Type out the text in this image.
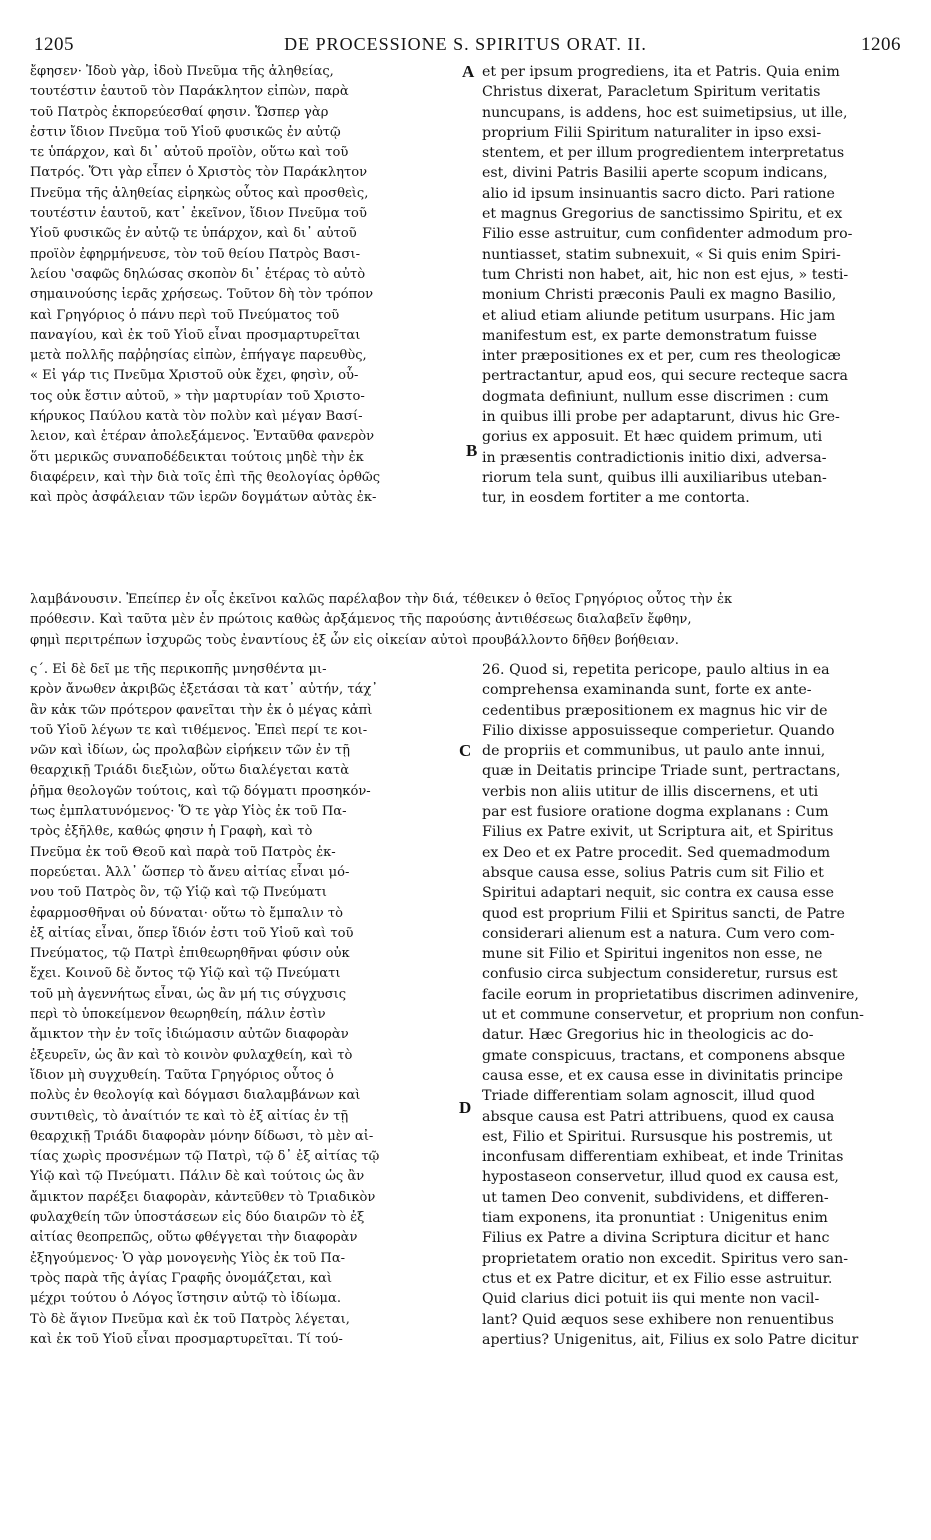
1205	DE PROCESSIONE S. SPIRITUS ORAT. II.	1206
A
B
C
D
ἔφησεν· Ἰδοὺ γὰρ, ἰδοὺ Πνεῦμα τῆς ἀληθείας,
τουτέστιν ἑαυτοῦ τὸν Παράκλητον εἰπὼν, παρὰ
τοῦ Πατρὸς ἐκπορεύεσθαί φησιν. Ὥσπερ γὰρ
ἐστιν ἴδιον Πνεῦμα τοῦ Υἱοῦ φυσικῶς ἐν αὐτῷ
τε ὑπάρχον, καὶ δι᾿ αὐτοῦ προϊὸν, οὕτω καὶ τοῦ
Πατρός. Ὅτι γὰρ εἶπεν ὁ Χριστὸς τὸν Παράκλητον
Πνεῦμα τῆς ἀληθείας εἰρηκὼς οὗτος καὶ προσθεὶς,
τουτέστιν ἑαυτοῦ, κατ᾿ ἐκεῖνον, ἴδιον Πνεῦμα τοῦ
Υἱοῦ φυσικῶς ἐν αὐτῷ τε ὑπάρχον, καὶ δι᾿ αὐτοῦ
προϊὸν ἐφηρμήνευσε, τὸν τοῦ θείου Πατρὸς Βασι-
λείου ʽσαφῶς δηλώσας σκοπὸν δι᾿ ἑτέρας τὸ αὐτὸ
σημαινούσης ἱερᾶς χρήσεως. Τοῦτον δὴ τὸν τρόπον
καὶ Γρηγόριος ὁ πάνυ περὶ τοῦ Πνεύματος τοῦ
παναγίου, καὶ ἐκ τοῦ Υἱοῦ εἶναι προσμαρτυρεῖται
μετὰ πολλῆς παῤῥησίας εἰπὼν, ἐπήγαγε παρευθὺς,
« Εἰ γάρ τις Πνεῦμα Χριστοῦ οὐκ ἔχει, φησὶν, οὗ-
τος οὐκ ἔστιν αὐτοῦ, » τὴν μαρτυρίαν τοῦ Χριστο-
κήρυκος Παύλου κατὰ τὸν πολὺν καὶ μέγαν Βασί-
λειον, καὶ ἑτέραν ἀπολεξάμενος. Ἐνταῦθα φανερὸν
ὅτι μερικῶς συναποδέδεικται τούτοις μηδὲ τὴν ἐκ
διαφέρειν, καὶ τὴν διὰ τοῖς ἐπὶ τῆς θεολογίας ὀρθῶς
καὶ πρὸς ἀσφάλειαν τῶν ἱερῶν δογμάτων αὐτὰς ἐκ-
et per ipsum progrediens, ita et Patris. Quia enim
Christus dixerat, Paracletum Spiritum veritatis
nuncupans, is addens, hoc est suimetipsius, ut ille,
proprium Filii Spiritum naturaliter in ipso exsi-
stentem, et per illum progredientem interpretatus
est, divini Patris Basilii aperte scopum indicans,
alio id ipsum insinuantis sacro dicto. Pari ratione
et magnus Gregorius de sanctissimo Spiritu, et ex
Filio esse astruitur, cum confidenter admodum pro-
nuntiasset, statim subnexuit, « Si quis enim Spiri-
tum Christi non habet, ait, hic non est ejus, » testi-
monium Christi præconis Pauli ex magno Basilio,
et aliud etiam aliunde petitum usurpans. Hic jam
manifestum est, ex parte demonstratum fuisse
inter præpositiones ex et per, cum res theologicæ
pertractantur, apud eos, qui secure recteque sacra
dogmata definiunt, nullum esse discrimen : cum
in quibus illi probe per adaptarunt, divus hic Gre-
gorius ex apposuit. Et hæc quidem primum, uti
in præsentis contradictionis initio dixi, adversa-
riorum tela sunt, quibus illi auxiliaribus uteban-
tur, in eosdem fortiter a me contorta.
λαμβάνουσιν. Ἐπείπερ ἐν οἷς ἐκεῖνοι καλῶς παρέλαβον τὴν διά, τέθεικεν ὁ θεῖος Γρηγόριος οὗτος τὴν ἐκ
πρόθεσιν. Καὶ ταῦτα μὲν ἐν πρώτοις καθὼς ἀρξάμενος τῆς παρούσης ἀντιθέσεως διαλαβεῖν ἔφθην,
φημὶ περιτρέπων ἰσχυρῶς τοὺς ἐναντίους ἐξ ὧν εἰς οἰκείαν αὐτοὶ προυβάλλοντο δῆθεν βοήθειαν.
ς΄. Εἰ δὲ δεῖ με τῆς περικοπῆς μνησθέντα μι-
κρὸν ἄνωθεν ἀκριβῶς ἐξετάσαι τὰ κατ᾿ αὐτήν, τάχ᾿
ἂν κἀκ τῶν πρότερον φανεῖται τὴν ἐκ ὁ μέγας κἀπὶ
τοῦ Υἱοῦ λέγων τε καὶ τιθέμενος. Ἐπεὶ περί τε κοι-
νῶν καὶ ἰδίων, ὡς προλαβὼν εἰρήκειν τῶν ἐν τῇ
θεαρχικῇ Τριάδι διεξιὼν, οὕτω διαλέγεται κατὰ
ῥῆμα θεολογῶν τούτοις, καὶ τῷ δόγματι προσηκόν-
τως ἐμπλατυνόμενος· Ὅ τε γὰρ Υἱὸς ἐκ τοῦ Πα-
τρὸς ἐξῆλθε, καθώς φησιν ἡ Γραφὴ, καὶ τὸ
Πνεῦμα ἐκ τοῦ Θεοῦ καὶ παρὰ τοῦ Πατρὸς ἐκ-
πορεύεται. Ἀλλ᾿ ὥσπερ τὸ ἄνευ αἰτίας εἶναι μό-
νου τοῦ Πατρὸς ὂν, τῷ Υἱῷ καὶ τῷ Πνεύματι
ἐφαρμοσθῆναι οὐ δύναται· οὕτω τὸ ἔμπαλιν τὸ
ἐξ αἰτίας εἶναι, ὅπερ ἴδιόν ἐστι τοῦ Υἱοῦ καὶ τοῦ
Πνεύματος, τῷ Πατρὶ ἐπιθεωρηθῆναι φύσιν οὐκ
ἔχει. Κοινοῦ δὲ ὄντος τῷ Υἱῷ καὶ τῷ Πνεύματι
τοῦ μὴ ἀγεννήτως εἶναι, ὡς ἂν μή τις σύγχυσις
περὶ τὸ ὑποκείμενον θεωρηθείη, πάλιν ἐστὶν
ἄμικτον τὴν ἐν τοῖς ἰδιώμασιν αὐτῶν διαφορὰν
ἐξευρεῖν, ὡς ἂν καὶ τὸ κοινὸν φυλαχθείη, καὶ τὸ
ἴδιον μὴ συγχυθείη. Ταῦτα Γρηγόριος οὗτος ὁ
πολὺς ἐν θεολογίᾳ καὶ δόγμασι διαλαμβάνων καὶ
συντιθεὶς, τὸ ἀναίτιόν τε καὶ τὸ ἐξ αἰτίας ἐν τῇ
θεαρχικῇ Τριάδι διαφορὰν μόνην δίδωσι, τὸ μὲν αἰ-
τίας χωρὶς προσνέμων τῷ Πατρὶ, τῷ δ᾿ ἐξ αἰτίας τῷ
Υἱῷ καὶ τῷ Πνεύματι. Πάλιν δὲ καὶ τούτοις ὡς ἂν
ἄμικτον παρέξει διαφορὰν, κἀντεῦθεν τὸ Τριαδικὸν
φυλαχθείη τῶν ὑποστάσεων εἰς δύο διαιρῶν τὸ ἐξ
αἰτίας θεοπρεπῶς, οὕτω φθέγγεται τὴν διαφορὰν
ἐξηγούμενος· Ὁ γὰρ μονογενὴς Υἱὸς ἐκ τοῦ Πα-
τρὸς παρὰ τῆς ἁγίας Γραφῆς ὀνομάζεται, καὶ
μέχρι τούτου ὁ Λόγος ἵστησιν αὐτῷ τὸ ἰδίωμα.
Τὸ δὲ ἅγιον Πνεῦμα καὶ ἐκ τοῦ Πατρὸς λέγεται,
καὶ ἐκ τοῦ Υἱοῦ εἶναι προσμαρτυρεῖται. Τί τού-
26. Quod si, repetita pericope, paulo altius in ea
comprehensa examinanda sunt, forte ex ante-
cedentibus præpositionem ex magnus hic vir de
Filio dixisse apposuisseque comperietur. Quando
de propriis et communibus, ut paulo ante innui,
quæ in Deitatis principe Triade sunt, pertractans,
verbis non aliis utitur de illis discernens, et uti
par est fusiore oratione dogma explanans : Cum
Filius ex Patre exivit, ut Scriptura ait, et Spiritus
ex Deo et ex Patre procedit. Sed quemadmodum
absque causa esse, solius Patris cum sit Filio et
Spiritui adaptari nequit, sic contra ex causa esse
quod est proprium Filii et Spiritus sancti, de Patre
considerari alienum est a natura. Cum vero com-
mune sit Filio et Spiritui ingenitos non esse, ne
confusio circa subjectum consideretur, rursus est
facile eorum in proprietatibus discrimen adinvenire,
ut et commune conservetur, et proprium non confun-
datur. Hæc Gregorius hic in theologicis ac do-
gmate conspicuus, tractans, et componens absque
causa esse, et ex causa esse in divinitatis principe
Triade differentiam solam agnoscit, illud quod
absque causa est Patri attribuens, quod ex causa
est, Filio et Spiritui. Rursusque his postremis, ut
inconfusam differentiam exhibeat, et inde Trinitas
hypostaseon conservetur, illud quod ex causa est,
ut tamen Deo convenit, subdividens, et differen-
tiam exponens, ita pronuntiat : Unigenitus enim
Filius ex Patre a divina Scriptura dicitur et hanc
proprietatem oratio non excedit. Spiritus vero san-
ctus et ex Patre dicitur, et ex Filio esse astruitur.
Quid clarius dici potuit iis qui mente non vacil-
lant? Quid æquos sese exhibere non renuentibus
apertius? Unigenitus, ait, Filius ex solo Patre dicitur
